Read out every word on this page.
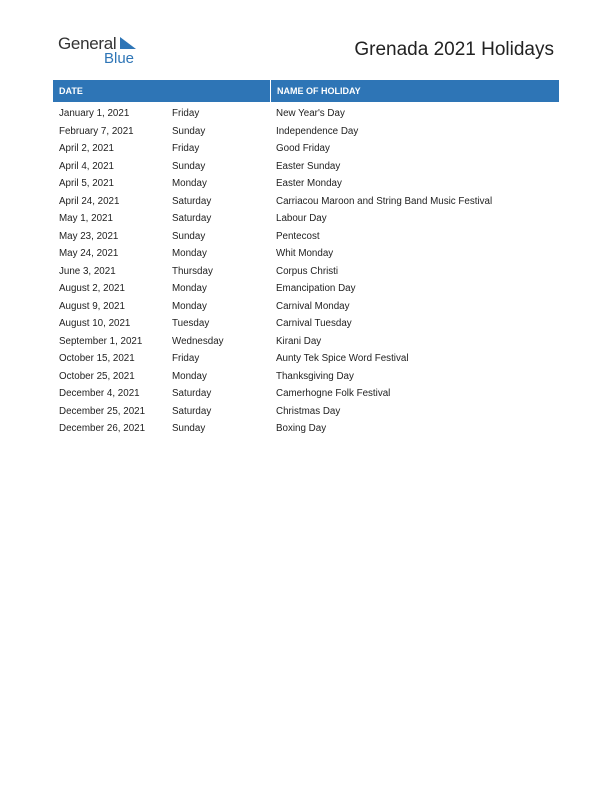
General
Blue	Grenada 2021 Holidays
DATE	NAME OF HOLIDAY
January 1, 2021	Friday	New Year's Day
February 7, 2021	Sunday	Independence Day
April 2, 2021	Friday	Good Friday
April 4, 2021	Sunday	Easter Sunday
April 5, 2021	Monday	Easter Monday
April 24, 2021	Saturday	Carriacou Maroon and String Band Music Festival
May 1, 2021	Saturday	Labour Day
May 23, 2021	Sunday	Pentecost
May 24, 2021	Monday	Whit Monday
June 3, 2021	Thursday	Corpus Christi
August 2, 2021	Monday	Emancipation Day
August 9, 2021	Monday	Carnival Monday
August 10, 2021	Tuesday	Carnival Tuesday
September 1, 2021	Wednesday	Kirani Day
October 15, 2021	Friday	Aunty Tek Spice Word Festival
October 25, 2021	Monday	Thanksgiving Day
December 4, 2021	Saturday	Camerhogne Folk Festival
December 25, 2021	Saturday	Christmas Day
December 26, 2021	Sunday	Boxing Day
